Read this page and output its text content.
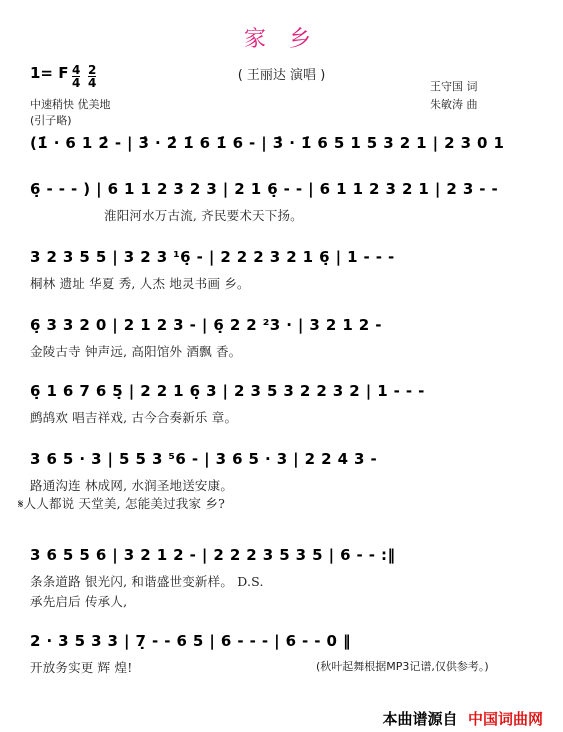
家 乡
( 王丽达 演唱 )
1= F 4
4
2
4
中速稍快 优美地
(引子略)
王守国 词
朱敏涛 曲
(1̇ · 6 1 2̇ - | 3̇ · 2̇ 1̇ 6 1̇ 6 - | 3̇ · 1̇ 6 5 1 5 3 2 1 | 2 3 0 1
6̣ - - - ) | 6 1 1 2 3 2 3 | 2 1 6̣ - - | 6 1 1 2 3 2 1 | 2 3 - -
淮阳河水万古流, 齐民要术天下扬。
3 2 3 5 5 | 3 2 3 ¹6̣ - | 2 2 2 3 2 1 6̣ | 1 - - -
桐林 遗址 华夏 秀, 人杰 地灵书画 乡。
6̣ 3 3 2 0 | 2 1 2 3 - | 6̣ 2 2 ²3 · | 3 2 1 2 -
金陵古寺 钟声远, 高阳馆外 酒飘 香。
6̣ 1 6 7 6 5̣ | 2 2 1 6̣ 3 | 2 3 5 3 2 2 3 2 | 1 - - -
鹧鸪欢 唱吉祥戏, 古今合奏新乐 章。
3 6 5 · 3 | 5 5 3 ⁵6 - | 3 6 5 · 3 | 2 2 4 3 -
路通沟连 林成网, 水润圣地送安康。
𝄋人人都说 天堂美, 怎能美过我家 乡?
3 6 5 5 6 | 3 2 1 2 - | 2 2 2 3 5 3 5 | 6 - - :‖
条条道路 银光闪, 和谐盛世变新样。 D.S.
承先启后 传承人,
2 · 3 5 3 3 | 7̣ - - 6 5 | 6 - - - | 6 - - 0 ‖
开放务实更 辉 煌!	(秋叶起舞根据MP3记谱,仅供参考。)
本曲谱源自 中国词曲网
